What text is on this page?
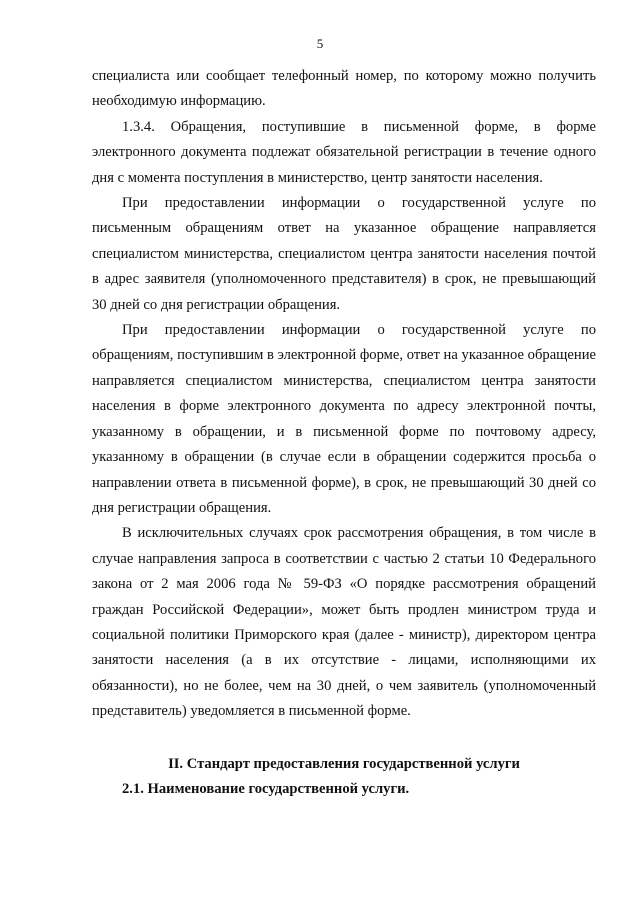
5

специалиста или сообщает телефонный номер, по которому можно получить необходимую информацию.

1.3.4. Обращения, поступившие в письменной форме, в форме электронного документа подлежат обязательной регистрации в течение одного дня с момента поступления в министерство, центр занятости населения.

При предоставлении информации о государственной услуге по письменным обращениям ответ на указанное обращение направляется специалистом министерства, специалистом центра занятости населения почтой в адрес заявителя (уполномоченного представителя) в срок, не превышающий 30 дней со дня регистрации обращения.

При предоставлении информации о государственной услуге по обращениям, поступившим в электронной форме, ответ на указанное обращение направляется специалистом министерства, специалистом центра занятости населения в форме электронного документа по адресу электронной почты, указанному в обращении, и в письменной форме по почтовому адресу, указанному в обращении (в случае если в обращении содержится просьба о направлении ответа в письменной форме), в срок, не превышающий 30 дней со дня регистрации обращения.

В исключительных случаях срок рассмотрения обращения, в том числе в случае направления запроса в соответствии с частью 2 статьи 10 Федерального закона от 2 мая 2006 года № 59-ФЗ «О порядке рассмотрения обращений граждан Российской Федерации», может быть продлен министром труда и социальной политики Приморского края (далее - министр), директором центра занятости населения (а в их отсутствие - лицами, исполняющими их обязанности), но не более, чем на 30 дней, о чем заявитель (уполномоченный представитель) уведомляется в письменной форме.

II. Стандарт предоставления государственной услуги

2.1. Наименование государственной услуги.
